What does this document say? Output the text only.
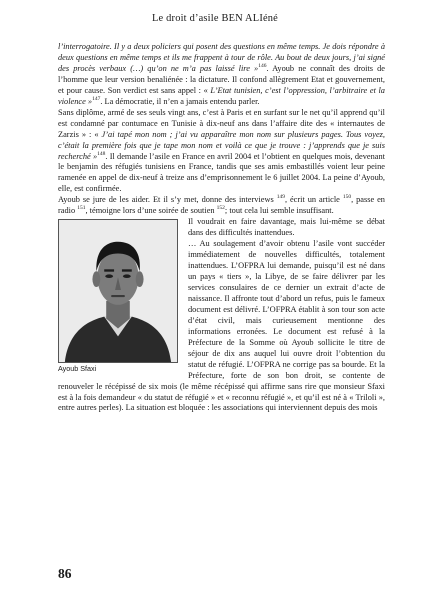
Le droit d’asile BEN ALIéné

l’interrogatoire. Il y a deux policiers qui posent des questions en même temps. Je dois répondre à deux questions en même temps et ils me frappent à tour de rôle. Au bout de deux jours, j’ai signé des procès verbaux (…) qu’on ne m’a pas laissé lire »$^{146}$. Ayoub ne connaît des droits de l’homme que leur version benaliénée : la dictature. Il confond allègrement Etat et gouvernement, et pour cause. Son verdict est sans appel : « L’Etat tunisien, c’est l’oppression, l’arbitraire et la violence »$^{147}$. La démocratie, il n’en a jamais entendu parler.

Sans diplôme, armé de ses seuls vingt ans, c’est à Paris et en surfant sur le net qu’il apprend qu’il est condamné par contumace en Tunisie à dix-neuf ans dans l’affaire dite des « internautes de Zarzis » : « J’ai tapé mon nom ; j’ai vu apparaître mon nom sur plusieurs pages. Tous voyez, c’était la première fois que je tape mon nom et voilà ce que je trouve : j’apprends que je suis recherché »$^{148}$. Il demande l’asile en France en avril 2004 et l’obtient en quelques mois, devenant le benjamin des réfugiés tunisiens en France, tandis que ses amis embastillés voient leur peine ramenée en appel de dix-neuf à treize ans d’emprisonnement le 6 juillet 2004. La peine d’Ayoub, elle, est confirmée.

Ayoub se jure de les aider. Et il s’y met, donne des interviews $^{149}$, écrit un article $^{150}$, passe en radio $^{151}$, témoigne lors d’une soirée de soutien $^{152}$; tout cela lui semble insuffisant.

Ayoub Sfaxi

Il voudrait en faire davantage, mais lui-même se débat dans des difficultés inattendues.

… Au soulagement d’avoir obtenu l’asile vont succéder immédiatement de nouvelles difficultés, totalement inattendues. L’OFPRA lui demande, puisqu’il est né dans un pays « tiers », la Libye, de se faire délivrer par les services consulaires de ce dernier un extrait d’acte de naissance. Il affronte tout d’abord un refus, puis le fameux document est délivré. L’OFPRA établit à son tour son acte d’état civil, mais curieusement mentionne des informations erronées. Le document est refusé à la Préfecture de la Somme où Ayoub sollicite le titre de séjour de dix ans auquel lui ouvre droit l’obtention du statut de réfugié. L’OFPRA ne corrige pas sa bourde. Et la Préfecture, forte de son bon droit, se contente de renouveler le récépissé de six mois (le même récépissé qui affirme sans rire que monsieur Sfaxi est à la fois demandeur « du statut de réfugié » et « reconnu réfugié », et qu’il est né à « Triloli », entre autres perles). La situation est bloquée : les associations qui interviennent depuis des mois

86
